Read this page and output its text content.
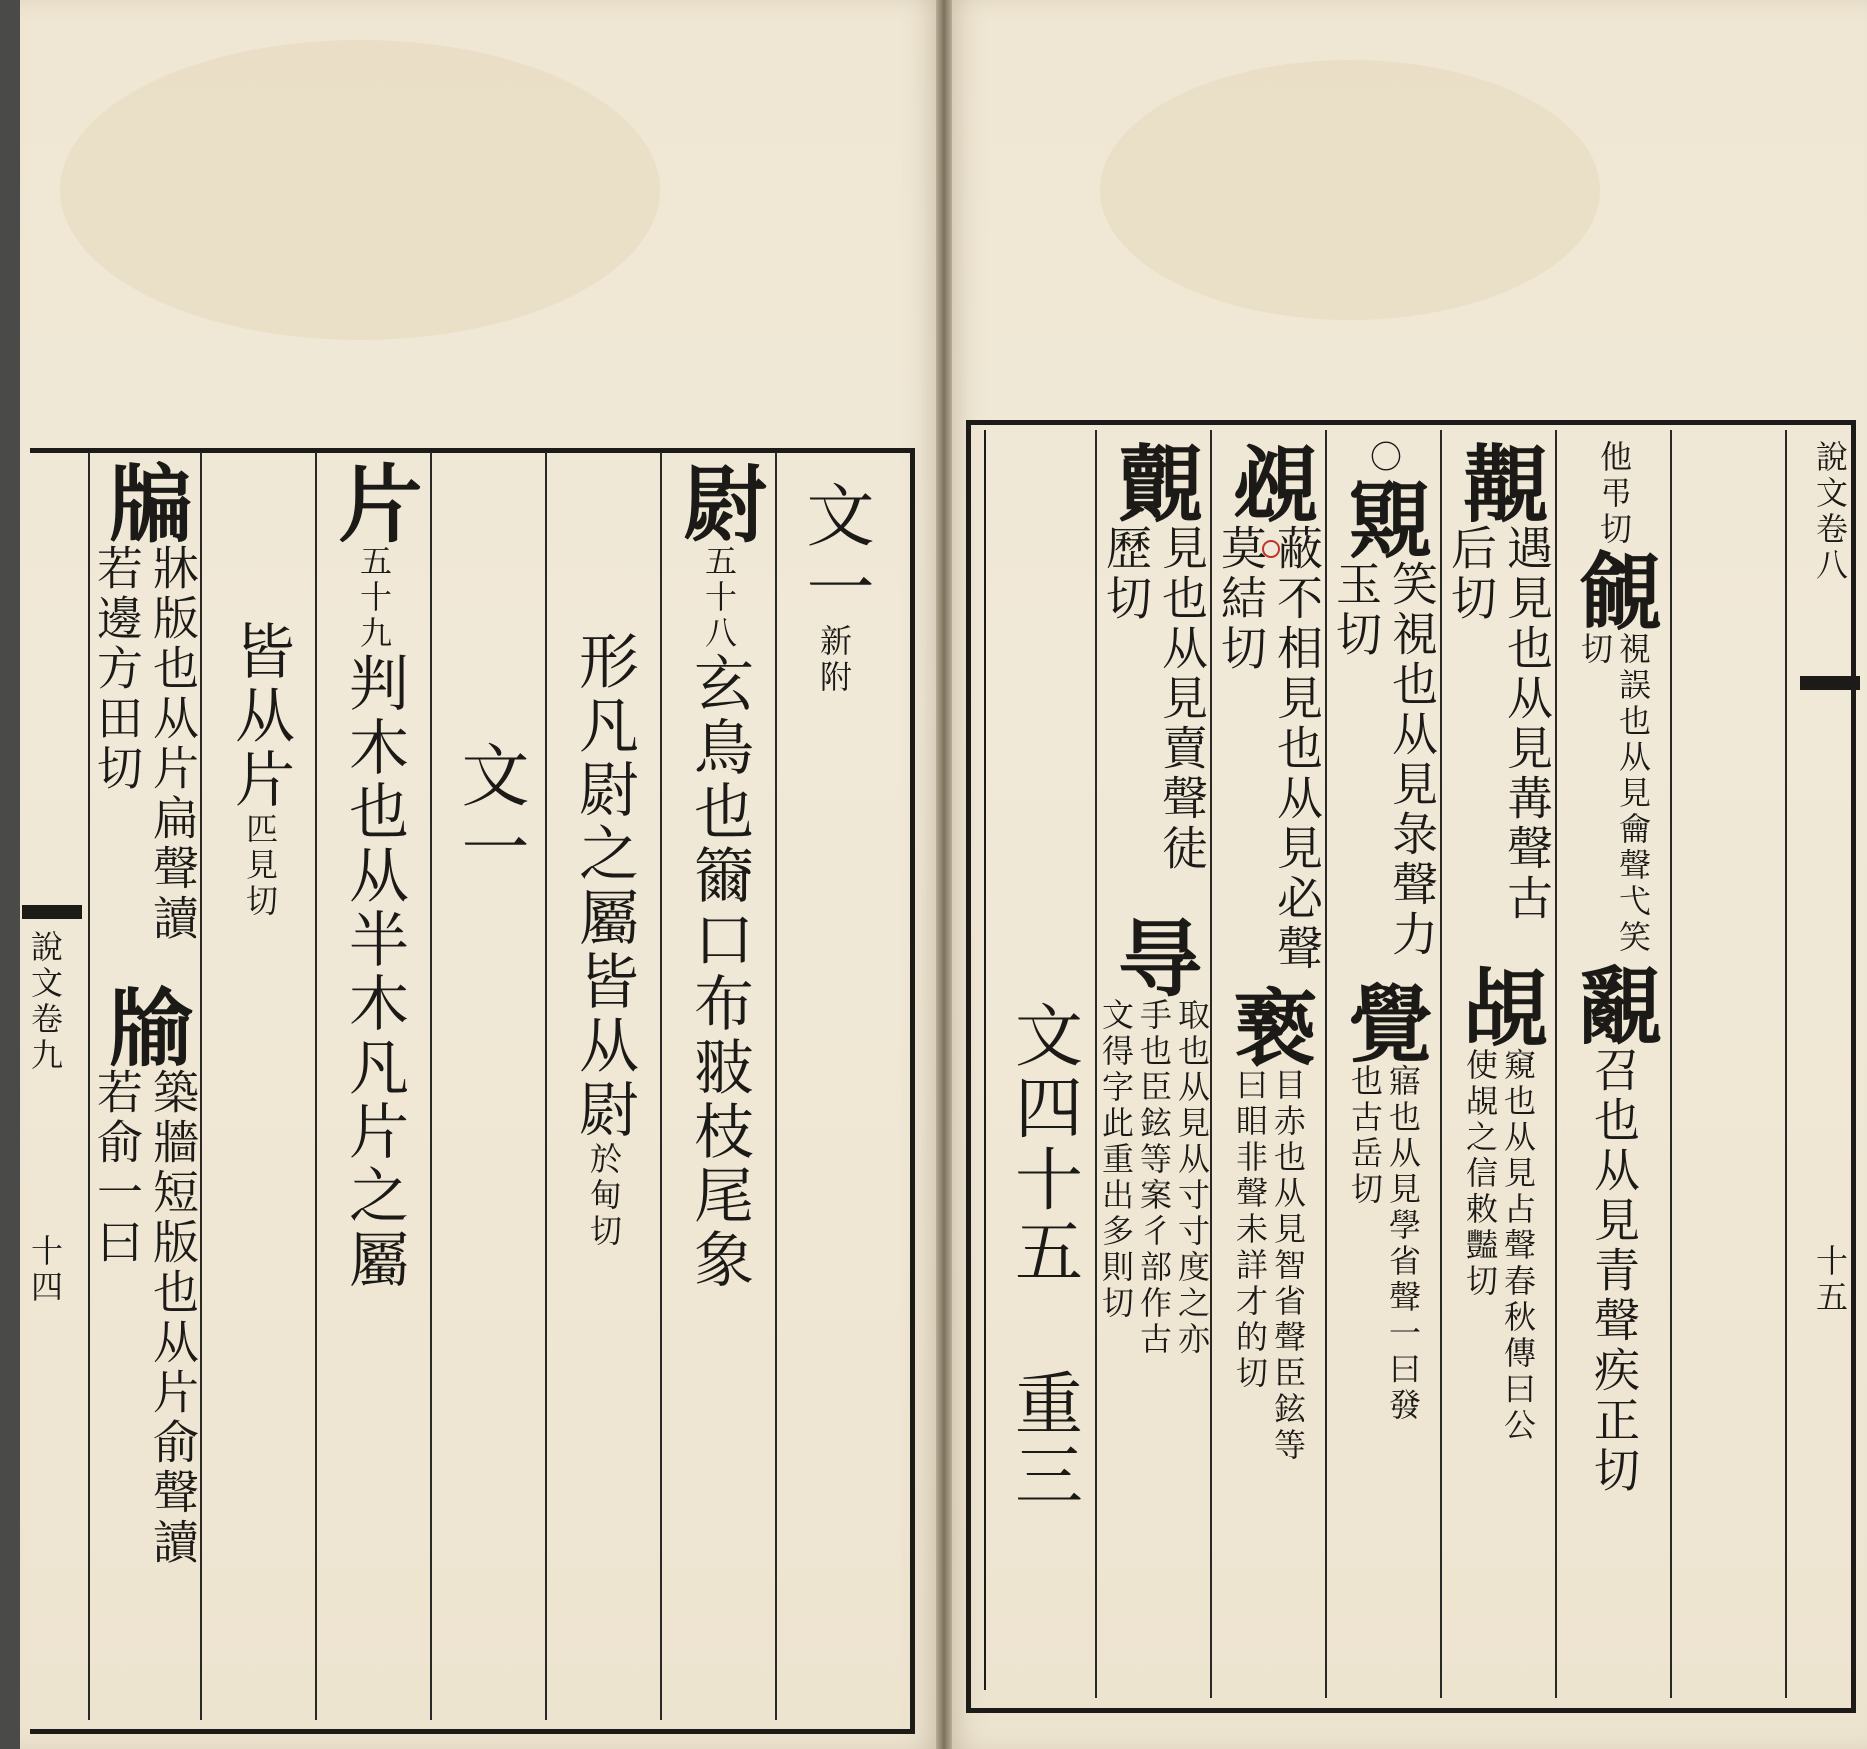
說文卷九
十四
牑
牀版也从片扁聲讀若邊方田切
牏
築牆短版也从片俞聲讀若俞一曰
皆从片
匹見切
片
五十九
判木也从半木凡片之屬 文一 形凡㷉之屬皆从㷉
於甸切
㷉
五十八
玄鳥也籋口布翄枝尾象
文一
新附
說文卷八
十五
文四十五
重三
覿
見也从見賣聲徒歷切
㝵
取也从見从寸寸度之亦手也臣鉉等案彳部作古文得字此重出多則切
覕
蔽不相見也从見必聲莫結切
䙝
目赤也从見智省聲臣鉉等曰䀠非聲未詳才的切
〇
覭
笑視也从見彔聲力玉切
覺
寤也从見學省聲一曰發也古岳切
覯
遇見也从見冓聲古后切
覘
窺也从見占聲春秋傳曰公使覘之信敕豔切
他弔切
覦
視誤也从見龠聲弋笑切
覶
召也从見青聲疾正切
